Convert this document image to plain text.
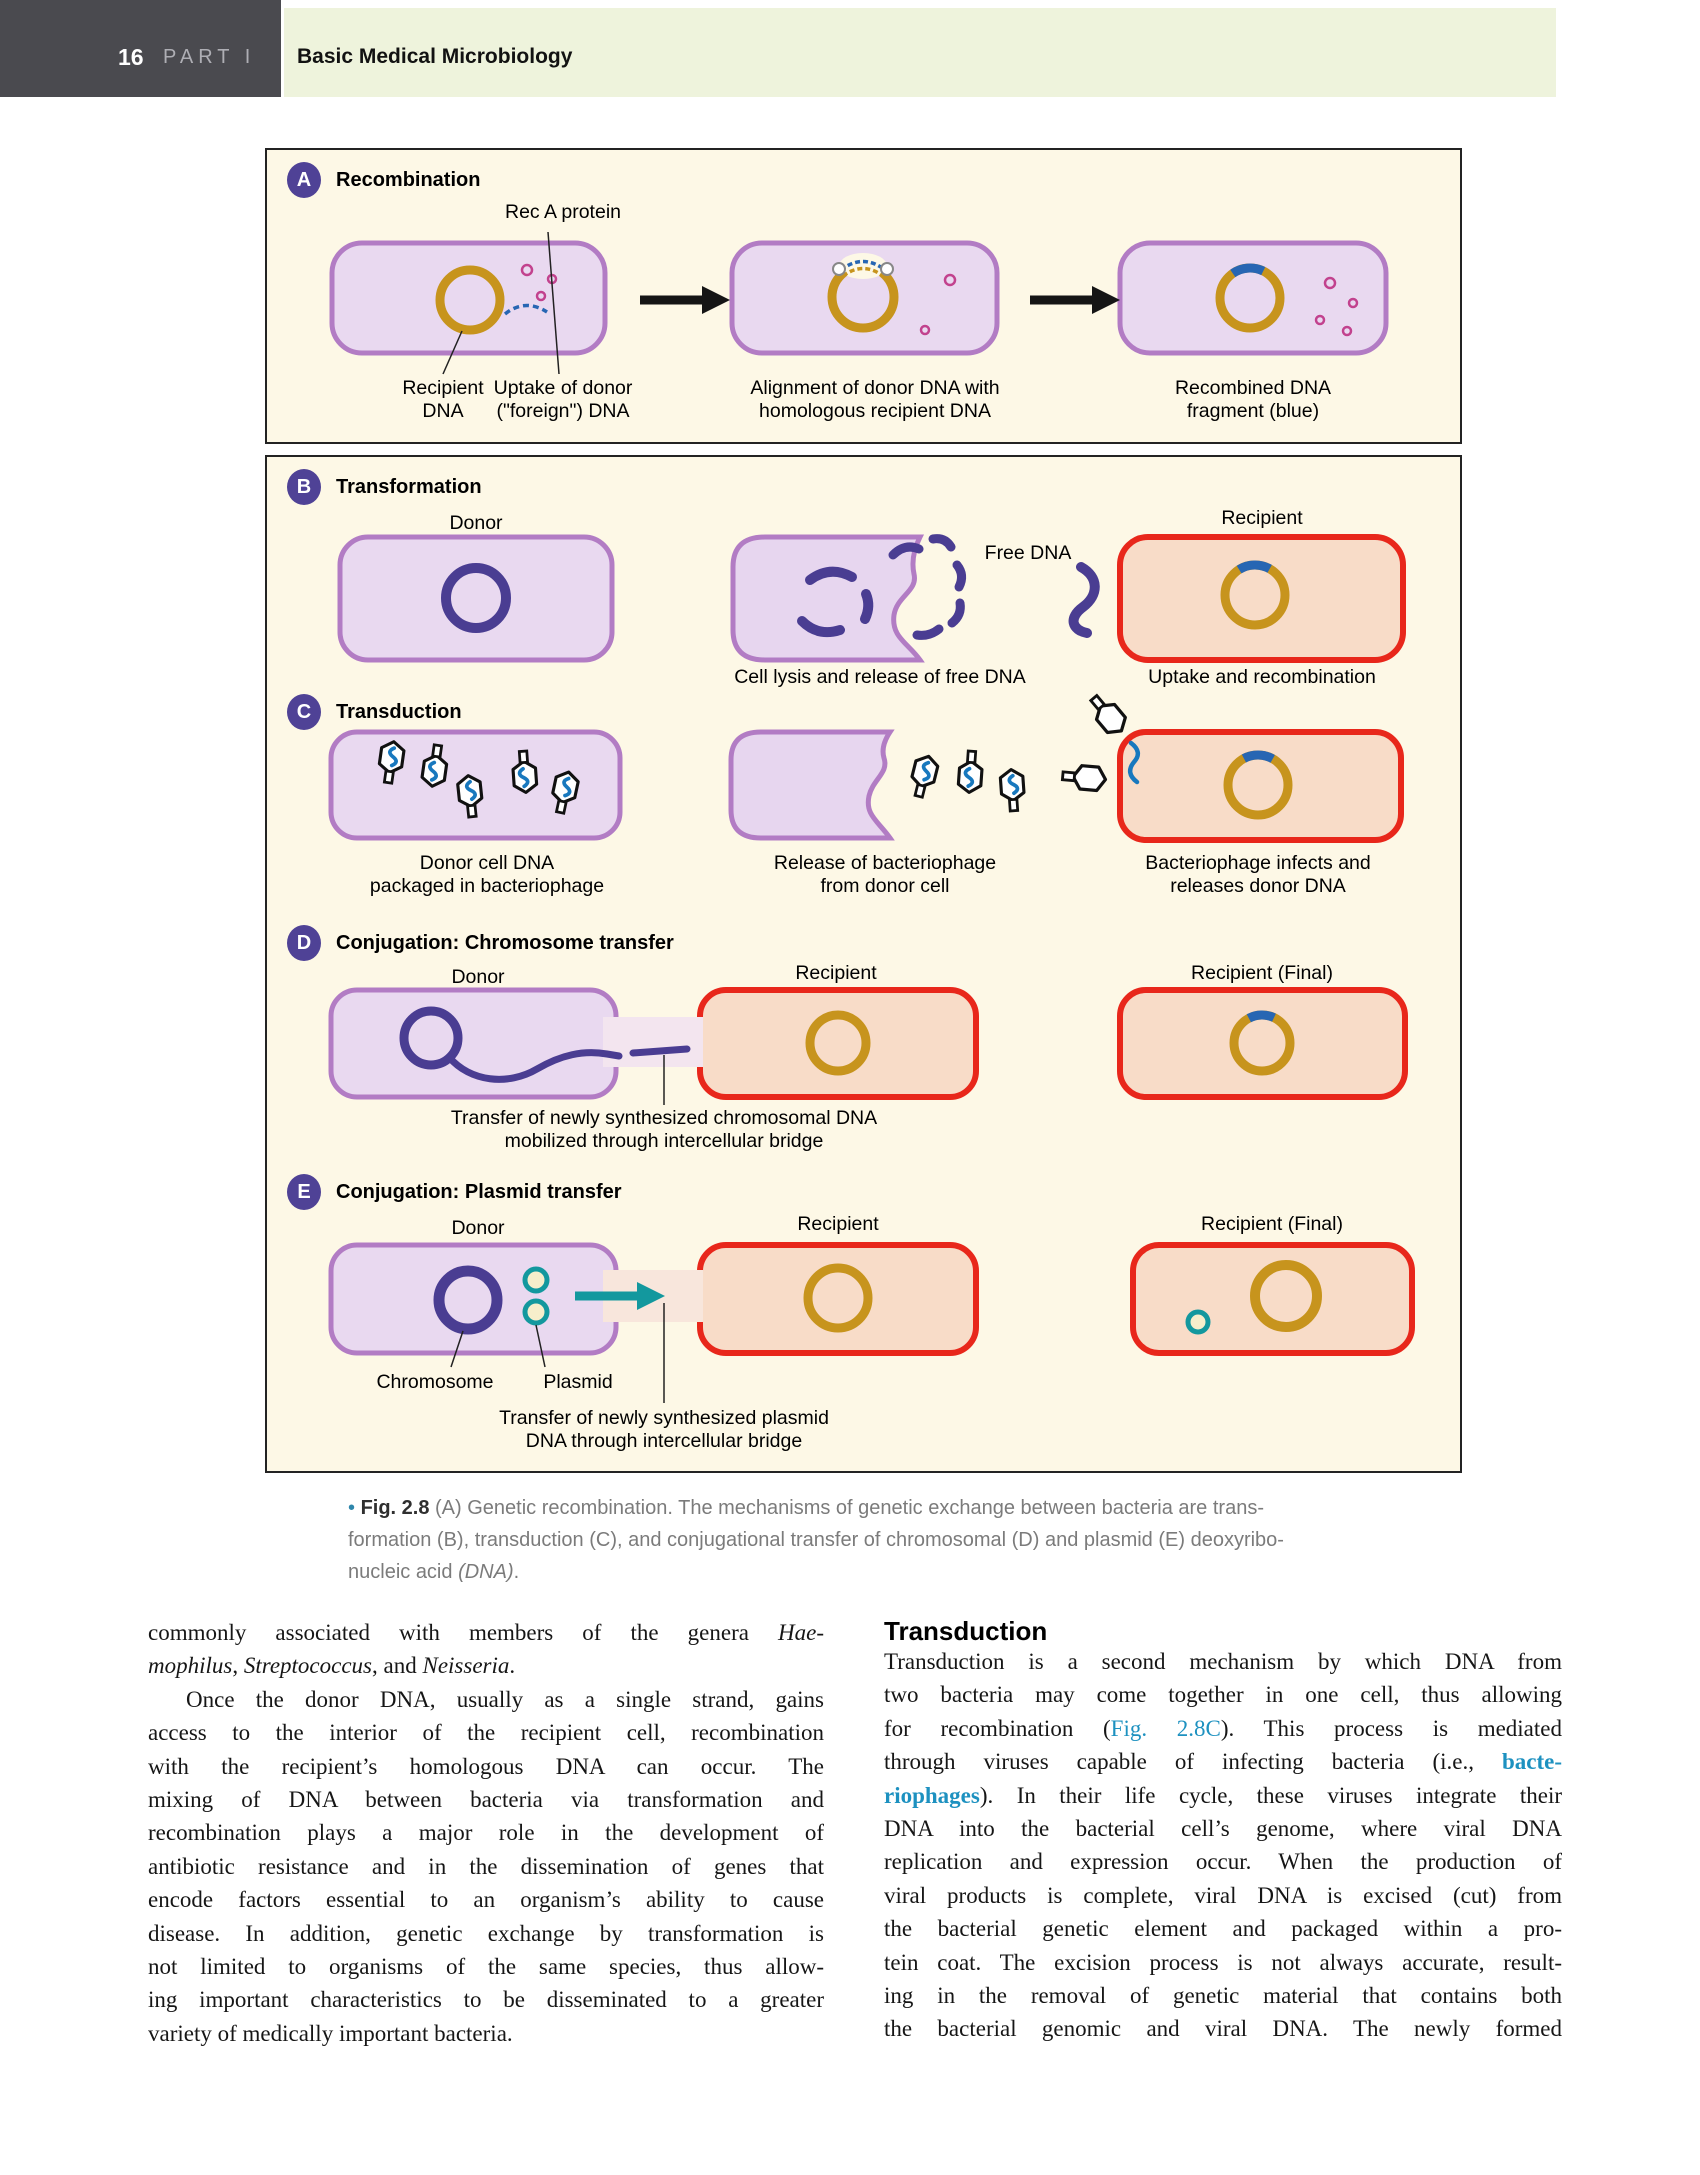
16 PART I Basic Medical Microbiology
A Recombination
Rec A protein
Recipient
DNA
Uptake of donor
("foreign") DNA
Alignment of donor DNA with
homologous recipient DNA
Recombined DNA
fragment (blue)
B Transformation
Donor	Recipient
Free DNA
Cell lysis and release of free DNA	Uptake and recombination
C Transduction
Donor cell DNA
packaged in bacteriophage
Release of bacteriophage
from donor cell
Bacteriophage infects and
releases donor DNA
D Conjugation: Chromosome transfer
Donor	Recipient	Recipient (Final)
Transfer of newly synthesized chromosomal DNA
mobilized through intercellular bridge
E Conjugation: Plasmid transfer
Donor	Recipient	Recipient (Final)
Chromosome	Plasmid
Transfer of newly synthesized plasmid
DNA through intercellular bridge
• Fig. 2.8 (A) Genetic recombination. The mechanisms of genetic exchange between bacteria are trans-
formation (B), transduction (C), and conjugational transfer of chromosomal (D) and plasmid (E) deoxyribo-
nucleic acid (DNA).
commonly associated with members of the genera Hae-
mophilus, Streptococcus, and Neisseria.
Once the donor DNA, usually as a single strand, gains
access to the interior of the recipient cell, recombination
with the recipient’s homologous DNA can occur. The
mixing of DNA between bacteria via transformation and
recombination plays a major role in the development of
antibiotic resistance and in the dissemination of genes that
encode factors essential to an organism’s ability to cause
disease. In addition, genetic exchange by transformation is
not limited to organisms of the same species, thus allow-
ing important characteristics to be disseminated to a greater
variety of medically important bacteria.
Transduction
Transduction is a second mechanism by which DNA from
two bacteria may come together in one cell, thus allowing
for recombination (Fig. 2.8C). This process is mediated
through viruses capable of infecting bacteria (i.e., bacte-
riophages). In their life cycle, these viruses integrate their
DNA into the bacterial cell’s genome, where viral DNA
replication and expression occur. When the production of
viral products is complete, viral DNA is excised (cut) from
the bacterial genetic element and packaged within a pro-
tein coat. The excision process is not always accurate, result-
ing in the removal of genetic material that contains both
the bacterial genomic and viral DNA. The newly formed
